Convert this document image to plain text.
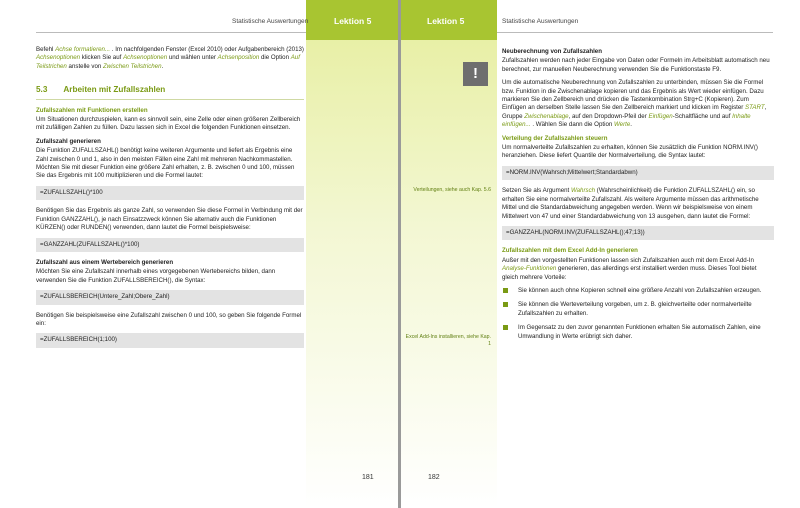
Lektion 5
Statistische Auswertungen

Befehl Achse formatieren... . Im nachfolgenden Fenster (Excel 2010) oder Aufgabenbereich (2013) Achsenoptionen klicken Sie auf Achsenoptionen und wählen unter Achsenposition die Option Auf Teilstrichen anstelle von Zwischen Teilstrichen.

5.3 Arbeiten mit Zufallszahlen
Zufallszahlen mit Funktionen erstellen

Um Situationen durchzuspielen, kann es sinnvoll sein, eine Zelle oder einen größeren Zellbereich mit zufälligen Zahlen zu füllen. Dazu lassen sich in Excel die folgenden Funktionen einsetzen.

Zufallszahl generieren

Die Funktion ZUFALLSZAHL() benötigt keine weiteren Argumente und liefert als Ergebnis eine Zahl zwischen 0 und 1, also in den meisten Fällen eine Zahl mit mehreren Nachkommastellen. Möchten Sie mit dieser Funktion eine größere Zahl erhalten, z. B. zwischen 0 und 100, müssen Sie das Ergebnis mit 100 multiplizieren und die Formel lautet:

=ZUFALLSZAHL()*100

Benötigen Sie das Ergebnis als ganze Zahl, so verwenden Sie diese Formel in Verbindung mit der Funktion GANZZAHL(), je nach Einsatzzweck können Sie alternativ auch die Funktionen KÜRZEN() oder RUNDEN() verwenden, dann lautet die Formel beispielsweise:

=GANZZAHL(ZUFALLSZAHL()*100)
Zufallszahl aus einem Wertebereich generieren

Möchten Sie eine Zufallszahl innerhalb eines vorgegebenen Wertebereichs bilden, dann verwenden Sie die Funktion ZUFALLSBEREICH(), die Syntax:

=ZUFALLSBEREICH(Untere_Zahl;Obere_Zahl)

Benötigen Sie beispielsweise eine Zufallszahl zwischen 0 und 100, so geben Sie folgende Formel ein:

=ZUFALLSBEREICH(1;100)
181
Lektion 5	Statistische Auswertungen
!
Verteilungen, siehe auch Kap. 5.6
Excel Add-Ins installieren, siehe Kap. 1
Neuberechnung von Zufallszahlen

Zufallszahlen werden nach jeder Eingabe von Daten oder Formeln im Arbeitsblatt automatisch neu berechnet, zur manuellen Neuberechnung verwenden Sie die Funktionstaste F9.

Um die automatische Neuberechnung von Zufallszahlen zu unterbinden, müssen Sie die Formel bzw. Funktion in die Zwischenablage kopieren und das Ergebnis als Wert wieder einfügen. Dazu markieren Sie den Zellbereich und drücken die Tastenkombination Strg+C (Kopieren). Zum Einfügen an derselben Stelle lassen Sie den Zellbereich markiert und klicken im Register START, Gruppe Zwischenablage, auf den Dropdown-Pfeil der Einfügen-Schaltfläche und auf Inhalte einfügen... . Wählen Sie dann die Option Werte.

Verteilung der Zufallszahlen steuern

Um normalverteilte Zufallszahlen zu erhalten, können Sie zusätzlich die Funktion NORM.INV() heranziehen. Diese liefert Quantile der Normalverteilung, die Syntax lautet:

=NORM.INV(Wahrsch;Mittelwert;Standardabwn)

Setzen Sie als Argument Wahrsch (Wahrscheinlichkeit) die Funktion ZUFALLSZAHL() ein, so erhalten Sie eine normalverteilte Zufallszahl. Als weitere Argumente müssen das arithmetische Mittel und die Standardabweichung angegeben werden. Wenn wir beispielsweise von einem Mittelwert von 47 und einer Standardabweichung von 13 ausgehen, dann lautet die Formel:

=GANZZAHL(NORM.INV(ZUFALLSZAHL();47;13))
Zufallszahlen mit dem Excel Add-In generieren

Außer mit den vorgestellten Funktionen lassen sich Zufallszahlen auch mit dem Excel Add-In Analyse-Funktionen generieren, das allerdings erst installiert werden muss. Dieses Tool bietet gleich mehrere Vorteile:

Sie können auch ohne Kopieren schnell eine größere Anzahl von Zufallszahlen erzeugen.
Sie können die Werteverteilung vorgeben, um z. B. gleichverteilte oder normalverteilte Zufallszahlen zu erhalten.
Im Gegensatz zu den zuvor genannten Funktionen erhalten Sie automatisch Zahlen, eine Umwandlung in Werte erübrigt sich daher.
182
